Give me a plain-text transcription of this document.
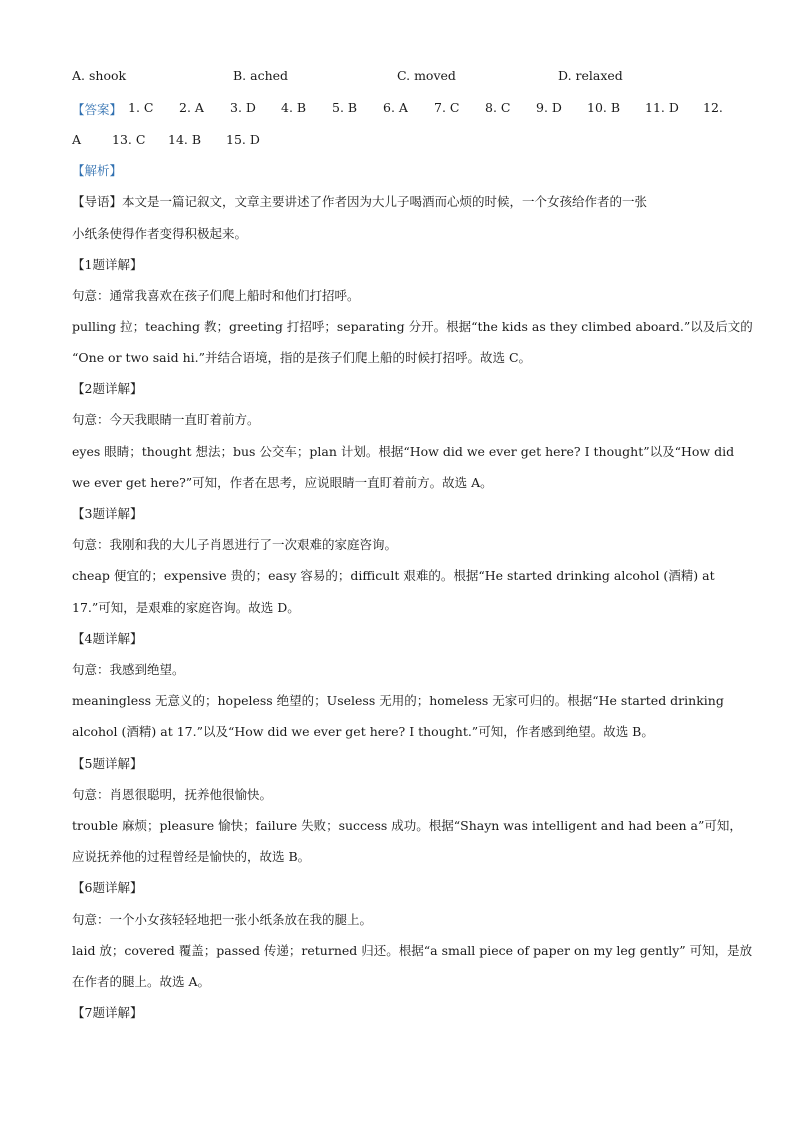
A. shook	B. ached	C. moved	D. relaxed
【答案】 1. C 2. A 3. D 4. B 5. B 6. A 7. C 8. C 9. D 10. B 11. D 12.
A 13. C 14. B 15. D
【解析】
【导语】本文是一篇记叙文，文章主要讲述了作者因为大儿子喝酒而心烦的时候，一个女孩给作者的一张
小纸条使得作者变得积极起来。
【1题详解】
句意：通常我喜欢在孩子们爬上船时和他们打招呼。
pulling 拉；teaching 教；greeting 打招呼；separating 分开。根据“the kids as they climbed aboard.”以及后文的
“One or two said hi.”并结合语境，指的是孩子们爬上船的时候打招呼。故选 C。
【2题详解】
句意：今天我眼睛一直盯着前方。
eyes 眼睛；thought 想法；bus 公交车；plan 计划。根据“How did we ever get here? I thought”以及“How did
we ever get here?”可知，作者在思考，应说眼睛一直盯着前方。故选 A。
【3题详解】
句意：我刚和我的大儿子肖恩进行了一次艰难的家庭咨询。
cheap 便宜的；expensive 贵的；easy 容易的；difficult 艰难的。根据“He started drinking alcohol (酒精) at
17.”可知，是艰难的家庭咨询。故选 D。
【4题详解】
句意：我感到绝望。
meaningless 无意义的；hopeless 绝望的；Useless 无用的；homeless 无家可归的。根据“He started drinking
alcohol (酒精) at 17.”以及“How did we ever get here? I thought.”可知，作者感到绝望。故选 B。
【5题详解】
句意：肖恩很聪明，抚养他很愉快。
trouble 麻烦；pleasure 愉快；failure 失败；success 成功。根据“Shayn was intelligent and had been a”可知，
应说抚养他的过程曾经是愉快的，故选 B。
【6题详解】
句意：一个小女孩轻轻地把一张小纸条放在我的腿上。
laid 放；covered 覆盖；passed 传递；returned 归还。根据“a small piece of paper on my leg gently” 可知，是放
在作者的腿上。故选 A。
【7题详解】
